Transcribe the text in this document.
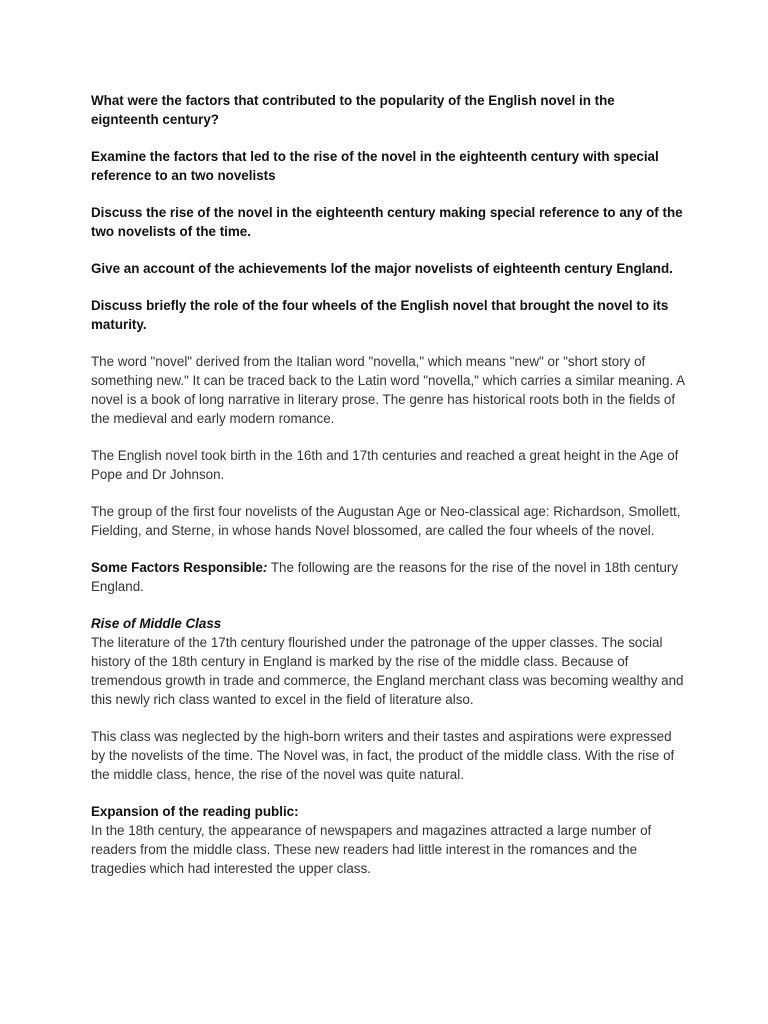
What were the factors that contributed to the popularity of the English novel in the eignteenth century?

Examine the factors that led to the rise of the novel in the eighteenth century with special reference to an two novelists

Discuss the rise of the novel in the eighteenth century making special reference to any of the two novelists of the time.

Give an account of the achievements lof the major novelists of eighteenth century England.

Discuss briefly the role of the four wheels of the English novel that brought the novel to its maturity.

The word "novel" derived from the Italian word "novella," which means "new" or "short story of something new." It can be traced back to the Latin word "novella," which carries a similar meaning. A novel is a book of long narrative in literary prose. The genre has historical roots both in the fields of the medieval and early modern romance.

The English novel took birth in the 16th and 17th centuries and reached a great height in the Age of Pope and Dr Johnson.

The group of the first four novelists of the Augustan Age or Neo-classical age: Richardson, Smollett, Fielding, and Sterne, in whose hands Novel blossomed, are called the four wheels of the novel.

Some Factors Responsible: The following are the reasons for the rise of the novel in 18th century England.

Rise of Middle Class

The literature of the 17th century flourished under the patronage of the upper classes. The social history of the 18th century in England is marked by the rise of the middle class. Because of tremendous growth in trade and commerce, the England merchant class was becoming wealthy and this newly rich class wanted to excel in the field of literature also.

This class was neglected by the high-born writers and their tastes and aspirations were expressed by the novelists of the time. The Novel was, in fact, the product of the middle class. With the rise of the middle class, hence, the rise of the novel was quite natural.

Expansion of the reading public:

In the 18th century, the appearance of newspapers and magazines attracted a large number of readers from the middle class. These new readers had little interest in the romances and the tragedies which had interested the upper class.
